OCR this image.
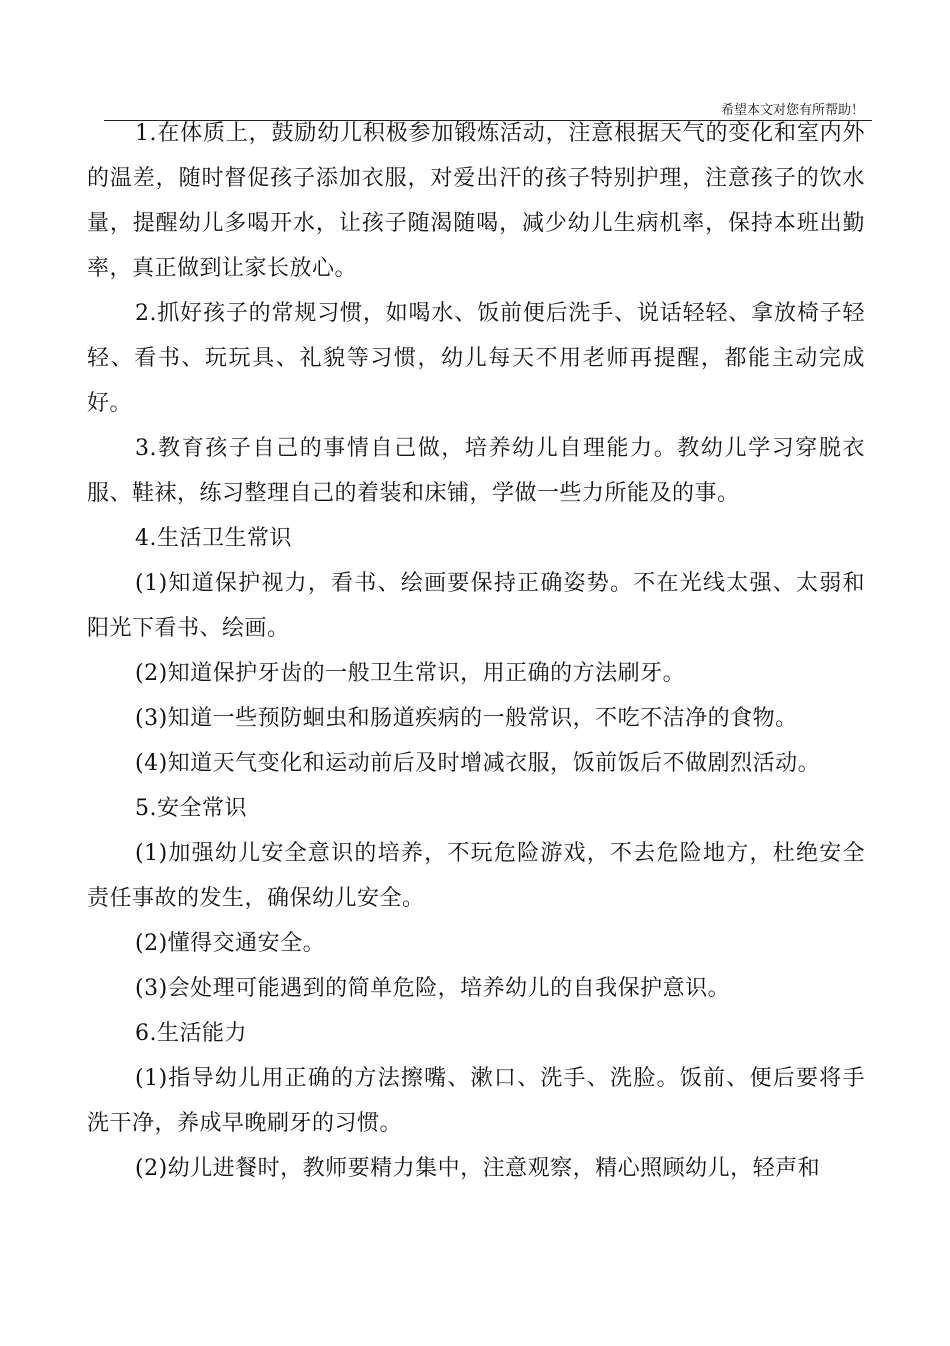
希望本文对您有所帮助！

1.在体质上，鼓励幼儿积极参加锻炼活动，注意根据天气的变化和室内外的温差，随时督促孩子添加衣服，对爱出汗的孩子特别护理，注意孩子的饮水量，提醒幼儿多喝开水，让孩子随渴随喝，减少幼儿生病机率，保持本班出勤率，真正做到让家长放心。

2.抓好孩子的常规习惯，如喝水、饭前便后洗手、说话轻轻、拿放椅子轻轻、看书、玩玩具、礼貌等习惯，幼儿每天不用老师再提醒，都能主动完成好。

3.教育孩子自己的事情自己做，培养幼儿自理能力。教幼儿学习穿脱衣服、鞋袜，练习整理自己的着装和床铺，学做一些力所能及的事。

4.生活卫生常识

(1)知道保护视力，看书、绘画要保持正确姿势。不在光线太强、太弱和阳光下看书、绘画。

(2)知道保护牙齿的一般卫生常识，用正确的方法刷牙。

(3)知道一些预防蛔虫和肠道疾病的一般常识，不吃不洁净的食物。

(4)知道天气变化和运动前后及时增减衣服，饭前饭后不做剧烈活动。

5.安全常识

(1)加强幼儿安全意识的培养，不玩危险游戏，不去危险地方，杜绝安全责任事故的发生，确保幼儿安全。

(2)懂得交通安全。

(3)会处理可能遇到的简单危险，培养幼儿的自我保护意识。

6.生活能力

(1)指导幼儿用正确的方法擦嘴、漱口、洗手、洗脸。饭前、便后要将手洗干净，养成早晚刷牙的习惯。

(2)幼儿进餐时，教师要精力集中，注意观察，精心照顾幼儿，轻声和
